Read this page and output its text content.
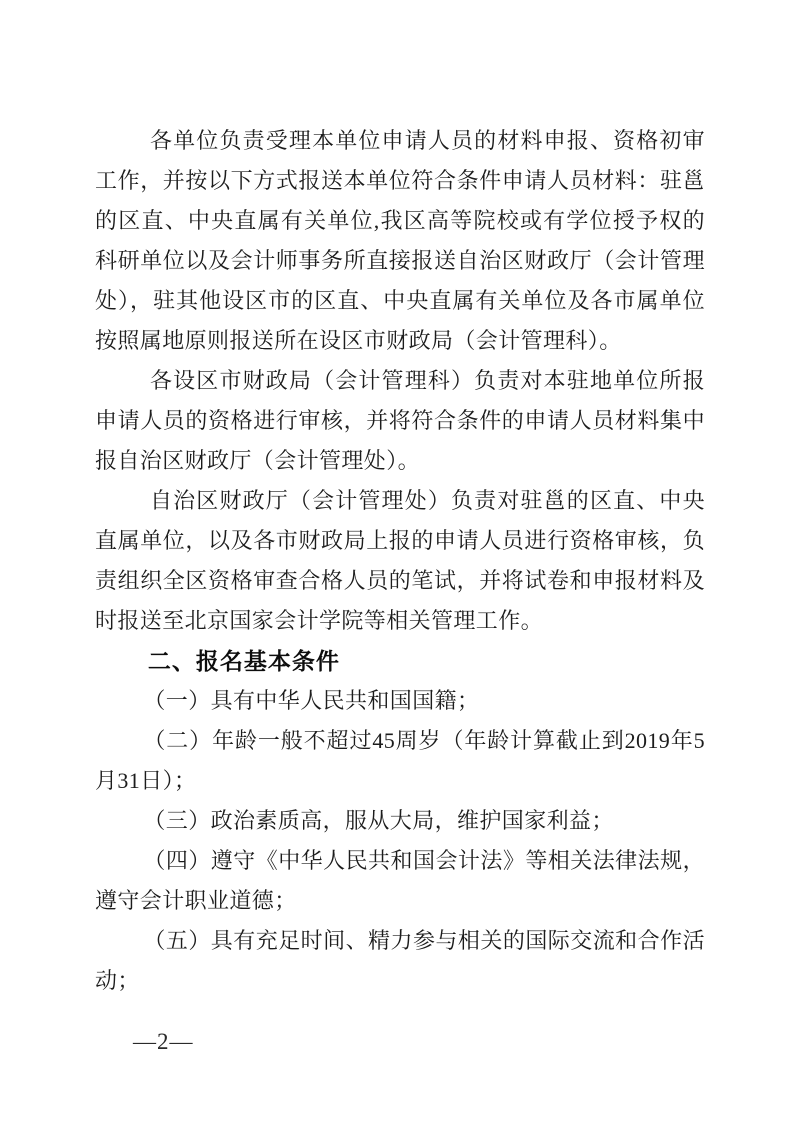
各单位负责受理本单位申请人员的材料申报、资格初审工作，并按以下方式报送本单位符合条件申请人员材料：驻邕的区直、中央直属有关单位,我区高等院校或有学位授予权的科研单位以及会计师事务所直接报送自治区财政厅（会计管理处），驻其他设区市的区直、中央直属有关单位及各市属单位按照属地原则报送所在设区市财政局（会计管理科）。

各设区市财政局（会计管理科）负责对本驻地单位所报申请人员的资格进行审核，并将符合条件的申请人员材料集中报自治区财政厅（会计管理处）。

自治区财政厅（会计管理处）负责对驻邕的区直、中央直属单位，以及各市财政局上报的申请人员进行资格审核，负责组织全区资格审查合格人员的笔试，并将试卷和申报材料及时报送至北京国家会计学院等相关管理工作。

二、报名基本条件

（一）具有中华人民共和国国籍；

（二）年龄一般不超过45周岁（年龄计算截止到2019年5月31日）；

（三）政治素质高，服从大局，维护国家利益；

（四）遵守《中华人民共和国会计法》等相关法律法规，遵守会计职业道德；

（五）具有充足时间、精力参与相关的国际交流和合作活动；

—2—
